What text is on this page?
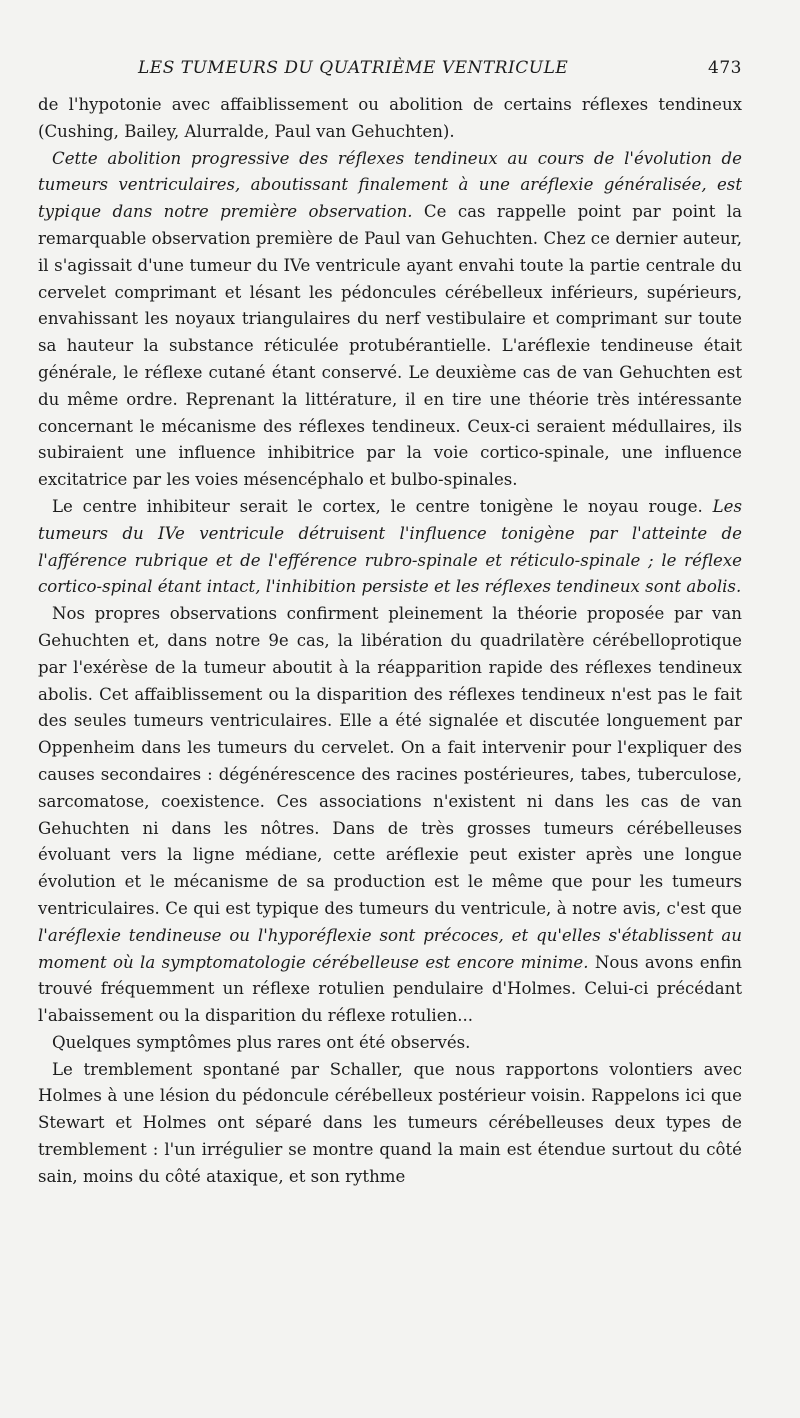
LES TUMEURS DU QUATRIÈME VENTRICULE	473

de l'hypotonie avec affaiblissement ou abolition de certains réflexes tendineux (Cushing, Bailey, Alurralde, Paul van Gehuchten).

Cette abolition progressive des réflexes tendineux au cours de l'évolution de tumeurs ventriculaires, aboutissant finalement à une aréflexie généralisée, est typique dans notre première observation. Ce cas rappelle point par point la remarquable observation première de Paul van Gehuchten. Chez ce dernier auteur, il s'agissait d'une tumeur du IVe ventricule ayant envahi toute la partie centrale du cervelet comprimant et lésant les pédoncules cérébelleux inférieurs, supérieurs, envahissant les noyaux triangulaires du nerf vestibulaire et comprimant sur toute sa hauteur la substance réticulée protubérantielle. L'aréflexie tendineuse était générale, le réflexe cutané étant conservé. Le deuxième cas de van Gehuchten est du même ordre. Reprenant la littérature, il en tire une théorie très intéressante concernant le mécanisme des réflexes tendineux. Ceux-ci seraient médullaires, ils subiraient une influence inhibitrice par la voie cortico-spinale, une influence excitatrice par les voies mésencéphalo et bulbo-spinales.

Le centre inhibiteur serait le cortex, le centre tonigène le noyau rouge. Les tumeurs du IVe ventricule détruisent l'influence tonigène par l'atteinte de l'afférence rubrique et de l'efférence rubro-spinale et réticulo-spinale ; le réflexe cortico-spinal étant intact, l'inhibition persiste et les réflexes tendineux sont abolis.

Nos propres observations confirment pleinement la théorie proposée par van Gehuchten et, dans notre 9e cas, la libération du quadrilatère cérébelloprotique par l'exérèse de la tumeur aboutit à la réapparition rapide des réflexes tendineux abolis. Cet affaiblissement ou la disparition des réflexes tendineux n'est pas le fait des seules tumeurs ventriculaires. Elle a été signalée et discutée longuement par Oppenheim dans les tumeurs du cervelet. On a fait intervenir pour l'expliquer des causes secondaires : dégénérescence des racines postérieures, tabes, tuberculose, sarcomatose, coexistence. Ces associations n'existent ni dans les cas de van Gehuchten ni dans les nôtres. Dans de très grosses tumeurs cérébelleuses évoluant vers la ligne médiane, cette aréflexie peut exister après une longue évolution et le mécanisme de sa production est le même que pour les tumeurs ventriculaires. Ce qui est typique des tumeurs du ventricule, à notre avis, c'est que l'aréflexie tendineuse ou l'hyporéflexie sont précoces, et qu'elles s'établissent au moment où la symptomatologie cérébelleuse est encore minime. Nous avons enfin trouvé fréquemment un réflexe rotulien pendulaire d'Holmes. Celui-ci précédant l'abaissement ou la disparition du réflexe rotulien...

Quelques symptômes plus rares ont été observés.

Le tremblement spontané par Schaller, que nous rapportons volontiers avec Holmes à une lésion du pédoncule cérébelleux postérieur voisin. Rappelons ici que Stewart et Holmes ont séparé dans les tumeurs cérébelleuses deux types de tremblement : l'un irrégulier se montre quand la main est étendue surtout du côté sain, moins du côté ataxique, et son rythme
